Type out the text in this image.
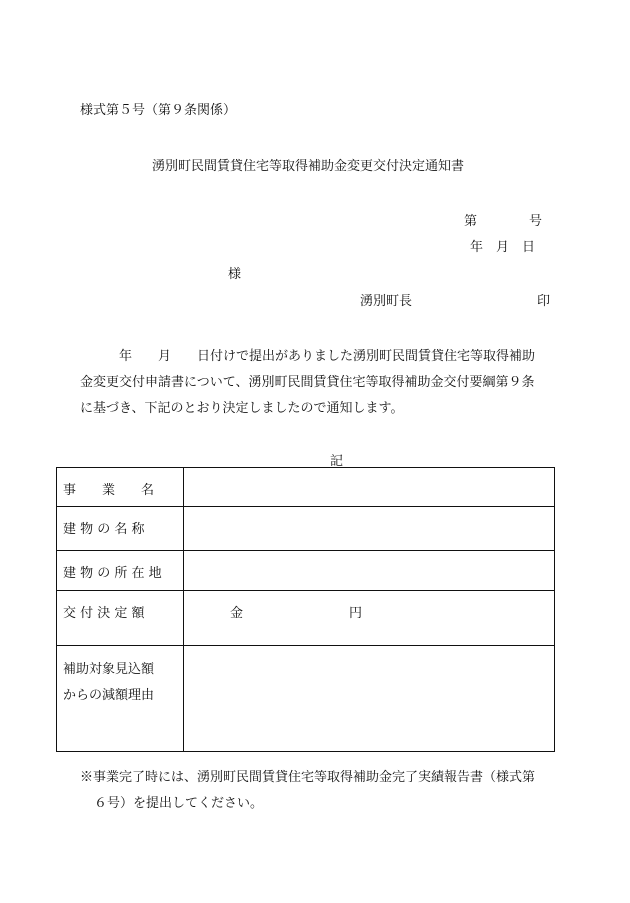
様式第５号（第９条関係）
湧別町民間賃貸住宅等取得補助金変更交付決定通知書
第　　　　号
年　月　日
様
湧別町長	印
　　　年　　月　　日付けで提出がありました湧別町民間賃貸住宅等取得補助
金変更交付申請書について、湧別町民間賃貸住宅等取得補助金交付要綱第９条
に基づき、下記のとおり決定しましたので通知します。
記
事　　業　　名	

建 物 の 名 称	

建 物 の 所 在 地	

交 付 決 定 額	金 円

補助対象見込額
からの減額理由	

※事業完了時には、湧別町民間賃貸住宅等取得補助金完了実績報告書（様式第
６号）を提出してください。
